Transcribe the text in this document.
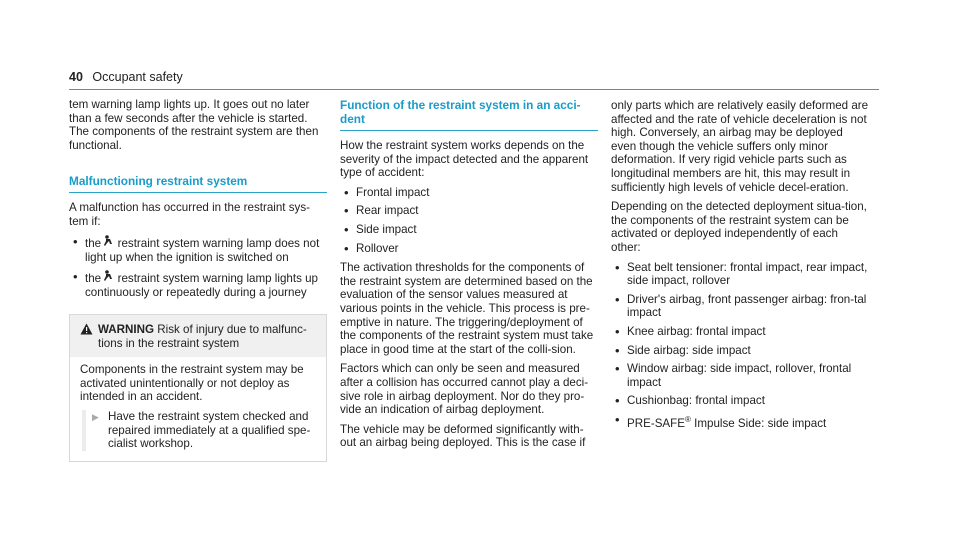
40 Occupant safety

tem warning lamp lights up. It goes out no later than a few seconds after the vehicle is started. The components of the restraint system are then functional.

Malfunctioning restraint system

A malfunction has occurred in the restraint sys-tem if:

• the restraint system warning lamp does not light up when the ignition is switched on
• the restraint system warning lamp lights up continuously or repeatedly during a journey
WARNING Risk of injury due to malfunc-tions in the restraint system

Components in the restraint system may be activated unintentionally or not deploy as intended in an accident.

▶ Have the restraint system checked and repaired immediately at a qualified spe-cialist workshop.
Function of the restraint system in an acci-dent

How the restraint system works depends on the severity of the impact detected and the apparent type of accident:

• Frontal impact
• Rear impact
• Side impact
• Rollover

The activation thresholds for the components of the restraint system are determined based on the evaluation of the sensor values measured at various points in the vehicle. This process is pre-emptive in nature. The triggering/deployment of the components of the restraint system must take place in good time at the start of the colli-sion.

Factors which can only be seen and measured after a collision has occurred cannot play a deci-sive role in airbag deployment. Nor do they pro-vide an indication of airbag deployment.

The vehicle may be deformed significantly with-out an airbag being deployed. This is the case if

only parts which are relatively easily deformed are affected and the rate of vehicle deceleration is not high. Conversely, an airbag may be deployed even though the vehicle suffers only minor deformation. If very rigid vehicle parts such as longitudinal members are hit, this may result in sufficiently high levels of vehicle decel-eration.

Depending on the detected deployment situa-tion, the components of the restraint system can be activated or deployed independently of each other:

• Seat belt tensioner: frontal impact, rear impact, side impact, rollover
• Driver's airbag, front passenger airbag: fron-tal impact
• Knee airbag: frontal impact
• Side airbag: side impact
• Window airbag: side impact, rollover, frontal impact
• Cushionbag: frontal impact
• PRE-SAFE® Impulse Side: side impact
